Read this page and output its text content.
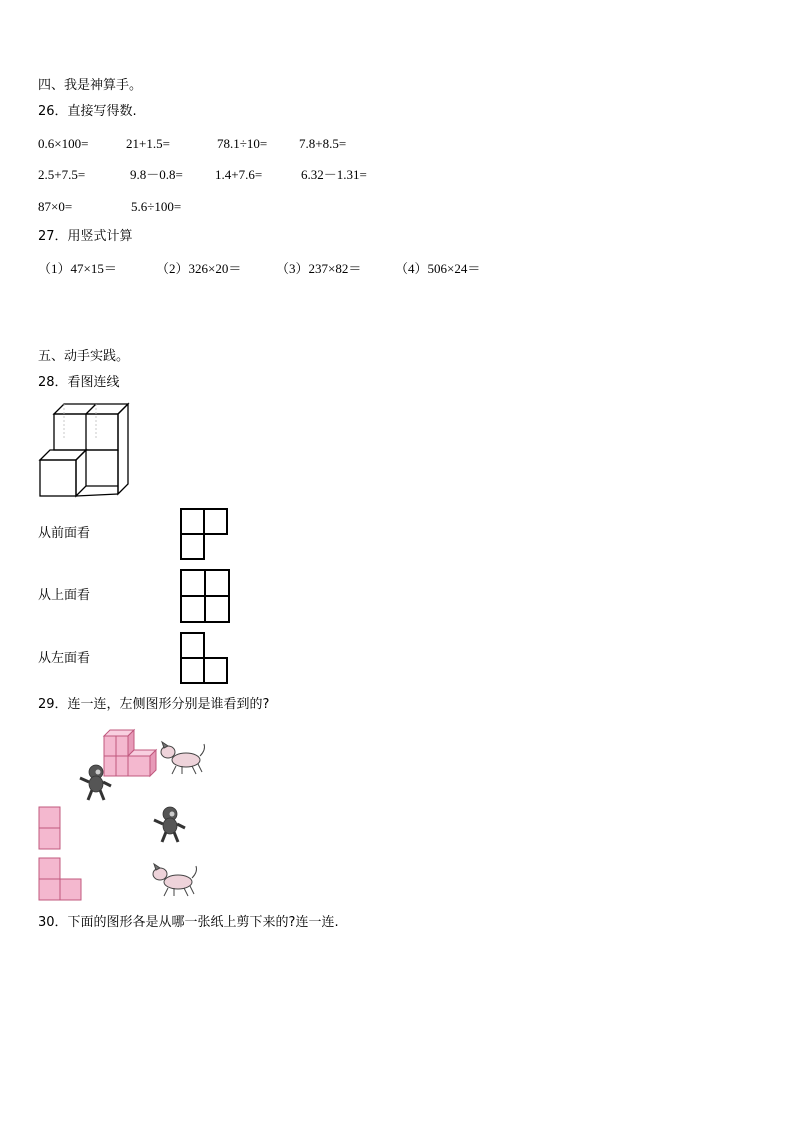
四、我是神算手。
26．直接写得数.
0.6×100=	21+1.5=	78.1÷10= 7.8+8.5=
2.5+7.5=	9.8－0.8= 1.4+7.6=	6.32－1.31=
87×0=	5.6÷100=
27．用竖式计算
（1）47×15＝	（2）326×20＝	（3）237×82＝	（4）506×24＝
五、动手实践。
28．看图连线
从前面看
从上面看
从左面看
29．连一连，左侧图形分别是谁看到的?
30．下面的图形各是从哪一张纸上剪下来的?连一连.
